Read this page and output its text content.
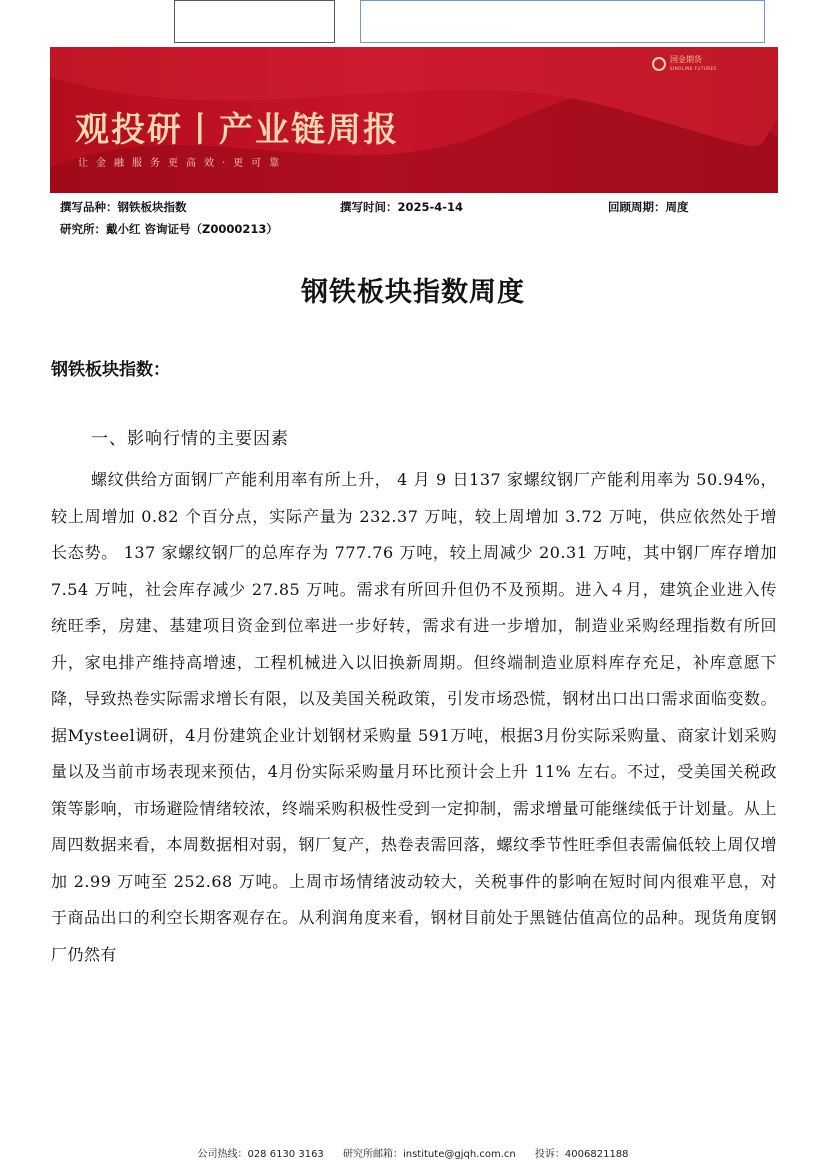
国金期货
SINOLINK FUTURES
观投研丨产业链周报
让金融服务更高效·更可靠
撰写品种：钢铁板块指数	撰写时间：2025-4-14	回顾周期：周度
研究所：戴小红 咨询证号（Z0000213）
钢铁板块指数周度
钢铁板块指数：
一、影响行情的主要因素

螺纹供给方面钢厂产能利用率有所上升， 4 月 9 日137 家螺纹钢厂产能利用率为 50.94%，较上周增加 0.82 个百分点，实际产量为 232.37 万吨，较上周增加 3.72 万吨，供应依然处于增长态势。 137 家螺纹钢厂的总库存为 777.76 万吨，较上周减少 20.31 万吨，其中钢厂库存增加 7.54 万吨，社会库存减少 27.85 万吨。需求有所回升但仍不及预期。进入４月，建筑企业进入传统旺季，房建、基建项目资金到位率进一步好转，需求有进一步增加，制造业采购经理指数有所回升，家电排产维持高增速，工程机械进入以旧换新周期。但终端制造业原料库存充足，补库意愿下降，导致热卷实际需求增长有限，以及美国关税政策，引发市场恐慌，钢材出口出口需求面临变数。据Mysteel调研，4月份建筑企业计划钢材采购量 591万吨，根据3月份实际采购量、商家计划采购量以及当前市场表现来预估，4月份实际采购量月环比预计会上升 11% 左右。不过，受美国关税政策等影响，市场避险情绪较浓，终端采购积极性受到一定抑制，需求增量可能继续低于计划量。从上周四数据来看，本周数据相对弱，钢厂复产，热卷表需回落，螺纹季节性旺季但表需偏低较上周仅增加 2.99 万吨至 252.68 万吨。上周市场情绪波动较大，关税事件的影响在短时间内很难平息，对于商品出口的利空长期客观存在。从利润角度来看，钢材目前处于黑链估值高位的品种。现货角度钢厂仍然有

公司热线：028 6130 3163 研究所邮箱：institute@gjqh.com.cn 投诉：4006821188
